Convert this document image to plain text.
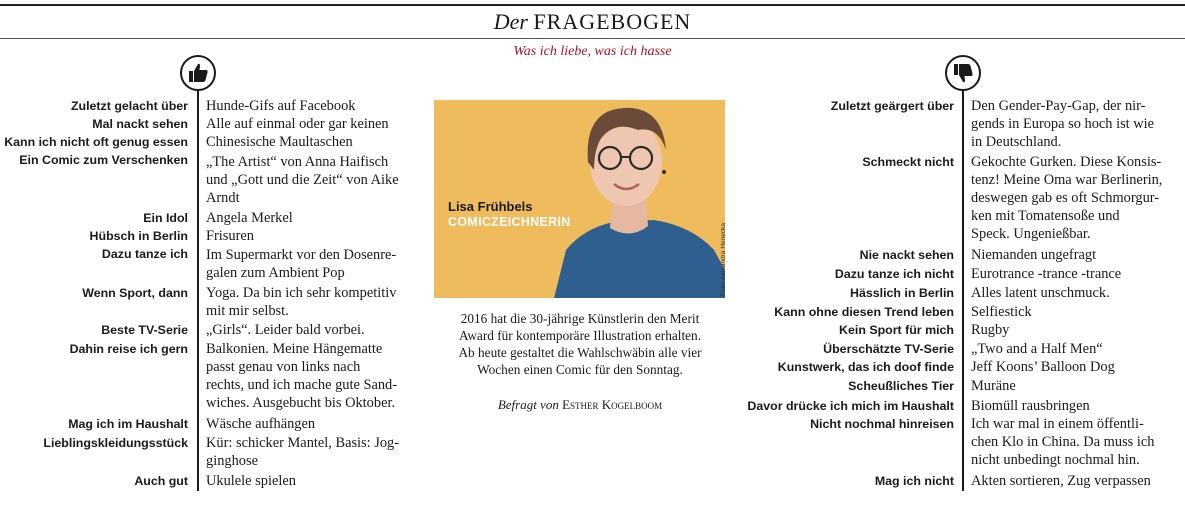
Der FRAGEBOGEN
Was ich liebe, was ich hasse
Zuletzt gelacht über
Mal nackt sehen
Kann ich nicht oft genug essen
Ein Comic zum Verschenken
Ein Idol
Hübsch in Berlin
Dazu tanze ich
Wenn Sport, dann
Beste TV-Serie
Dahin reise ich gern
Mag ich im Haushalt
Lieblingskleidungsstück
Auch gut
Hunde-Gifs auf Facebook
Alle auf einmal oder gar keinen
Chinesische Maultaschen
„The Artist“ von Anna Haifisch
und „Gott und die Zeit“ von Aike
Arndt
Angela Merkel
Frisuren
Im Supermarkt vor den Dosenre-
galen zum Ambient Pop
Yoga. Da bin ich sehr kompetitiv
mit mir selbst.
„Girls“. Leider bald vorbei.
Balkonien. Meine Hängematte
passt genau von links nach
rechts, und ich mache gute Sand-
wiches. Ausgebucht bis Oktober.
Wäsche aufhängen
Kür: schicker Mantel, Basis: Jog-
ginghose
Ukulele spielen
Zuletzt geärgert über
Schmeckt nicht
Nie nackt sehen
Dazu tanze ich nicht
Hässlich in Berlin
Kann ohne diesen Trend leben
Kein Sport für mich
Überschätzte TV-Serie
Kunstwerk, das ich doof finde
Scheußliches Tier
Davor drücke ich mich im Haushalt
Nicht nochmal hinreisen
Mag ich nicht
Den Gender-Pay-Gap, der nir-
gends in Europa so hoch ist wie
in Deutschland.
Gekochte Gurken. Diese Konsis-
tenz! Meine Oma war Berlinerin,
deswegen gab es oft Schmorgur-
ken mit Tomatensoße und
Speck. Ungenießbar.
Niemanden ungefragt
Eurotrance -trance -trance
Alles latent unschmuck.
Selfiestick
Rugby
„Two and a Half Men“
Jeff Koons’ Balloon Dog
Muräne
Biomüll rausbringen
Ich war mal in einem öffentli-
chen Klo in China. Da muss ich
nicht unbedingt nochmal hin.
Akten sortieren, Zug verpassen
Lisa Frühbels
COMICZEICHNERIN
Foto: Alexandra Henecka
2016 hat die 30-jährige Künstlerin den Merit
Award für kontemporäre Illustration erhalten.
Ab heute gestaltet die Wahlschwäbin alle vier
Wochen einen Comic für den Sonntag.
Befragt von Esther Kogelboom
